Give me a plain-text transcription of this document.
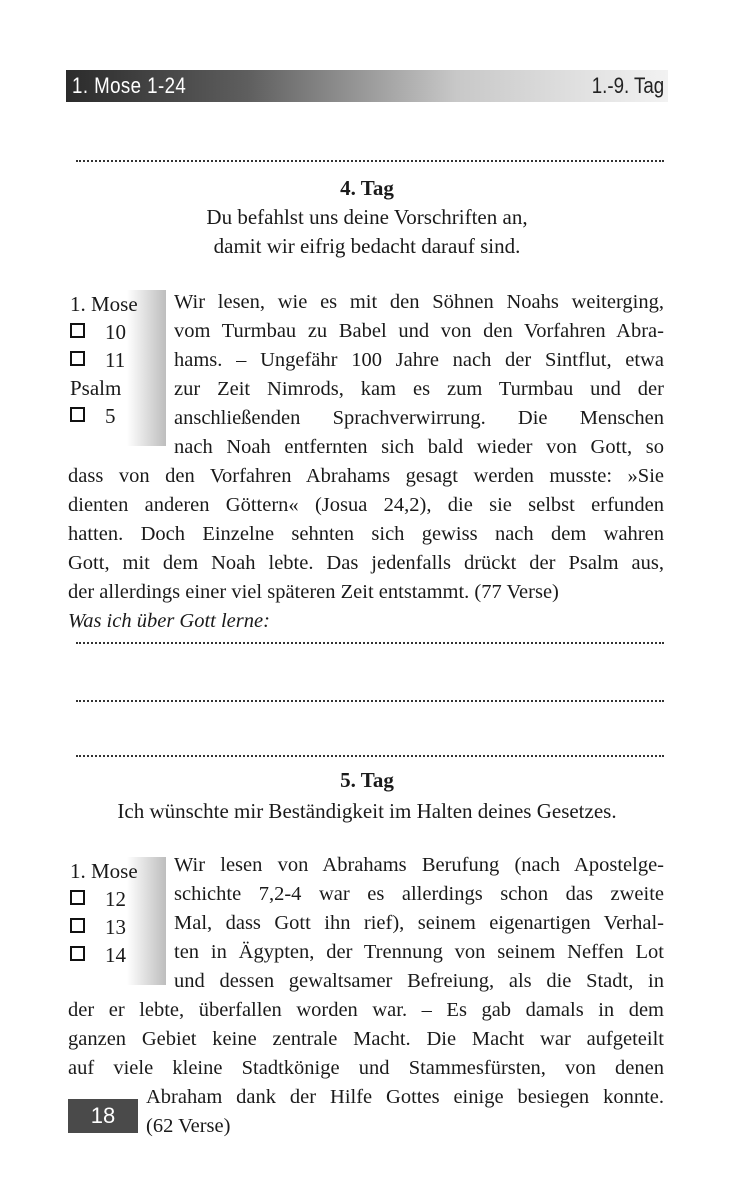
1. Mose 1-24	1.-9. Tag
4. Tag
Du befahlst uns deine Vorschriften an,
damit wir eifrig bedacht darauf sind.
1. Mose
10
11
Psalm
5
Wir lesen, wie es mit den Söhnen Noahs weiterging,
vom Turmbau zu Babel und von den Vorfahren Abra-
hams. – Ungefähr 100 Jahre nach der Sintflut, etwa
zur Zeit Nimrods, kam es zum Turmbau und der
anschließenden Sprachverwirrung. Die Menschen
nach Noah entfernten sich bald wieder von Gott, so
dass von den Vorfahren Abrahams gesagt werden musste: »Sie
dienten anderen Göttern« (Josua 24,2), die sie selbst erfunden
hatten. Doch Einzelne sehnten sich gewiss nach dem wahren
Gott, mit dem Noah lebte. Das jedenfalls drückt der Psalm aus,
der allerdings einer viel späteren Zeit entstammt. (77 Verse)
Was ich über Gott lerne:
5. Tag
Ich wünschte mir Beständigkeit im Halten deines Gesetzes.
1. Mose
12
13
14
Wir lesen von Abrahams Berufung (nach Apostelge-
schichte 7,2-4 war es allerdings schon das zweite
Mal, dass Gott ihn rief), seinem eigenartigen Verhal-
ten in Ägypten, der Trennung von seinem Neffen Lot
und dessen gewaltsamer Befreiung, als die Stadt, in
der er lebte, überfallen worden war. – Es gab damals in dem
ganzen Gebiet keine zentrale Macht. Die Macht war aufgeteilt
auf viele kleine Stadtkönige und Stammesfürsten, von denen
Abraham dank der Hilfe Gottes einige besiegen konnte.
(62 Verse)
18
